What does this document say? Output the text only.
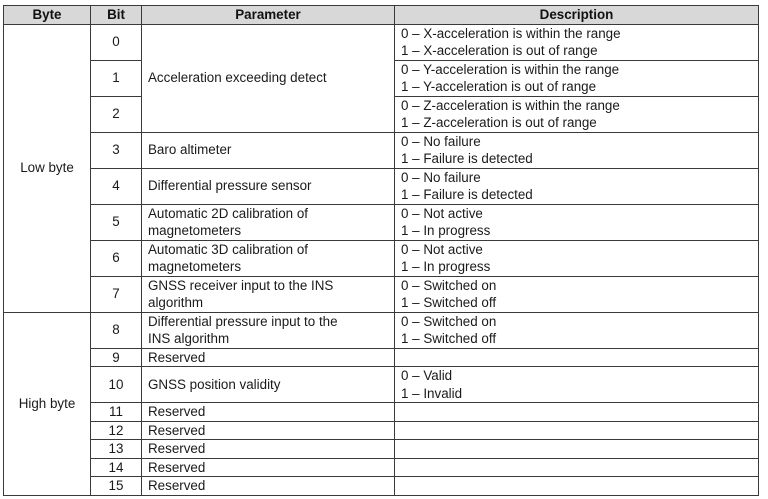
Byte	Bit	Parameter	Description
Low byte	0	Acceleration exceeding detect	0 – X-acceleration is within the range
1 – X-acceleration is out of range

	1		0 – Y-acceleration is within the range
1 – Y-acceleration is out of range

	2		0 – Z-acceleration is within the range
1 – Z-acceleration is out of range

	3	Baro altimeter	0 – No failure
1 – Failure is detected

	4	Differential pressure sensor	0 – No failure
1 – Failure is detected

	5	Automatic 2D calibration of
magnetometers	0 – Not active
1 – In progress

	6	Automatic 3D calibration of
magnetometers	0 – Not active
1 – In progress

	7	GNSS receiver input to the INS
algorithm	0 – Switched on
1 – Switched off

High byte	8	Differential pressure input to the
INS algorithm	0 – Switched on
1 – Switched off

	9	Reserved	
	10	GNSS position validity	0 – Valid
1 – Invalid

	11	Reserved	
	12	Reserved	
	13	Reserved	
	14	Reserved	
	15	Reserved	
